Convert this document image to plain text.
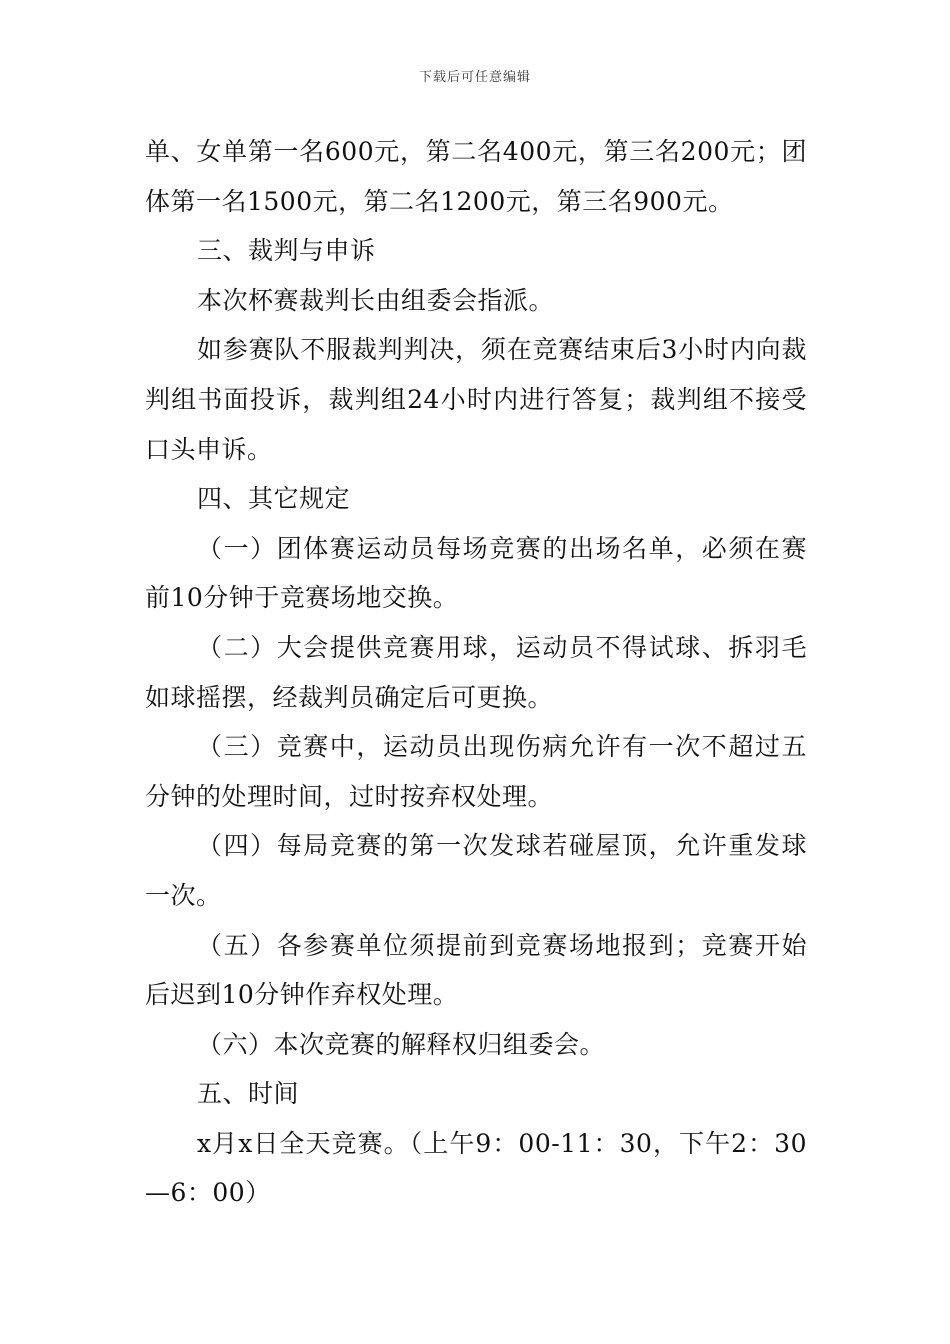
下载后可任意编辑

单、女单第一名600元，第二名400元，第三名200元；团体第一名1500元，第二名1200元，第三名900元。

三、裁判与申诉

本次杯赛裁判长由组委会指派。

如参赛队不服裁判判决，须在竞赛结束后3小时内向裁判组书面投诉，裁判组24小时内进行答复；裁判组不接受口头申诉。

四、其它规定

（一）团体赛运动员每场竞赛的出场名单，必须在赛前10分钟于竞赛场地交换。

（二）大会提供竞赛用球，运动员不得试球、拆羽毛如球摇摆，经裁判员确定后可更换。

（三）竞赛中，运动员出现伤病允许有一次不超过五分钟的处理时间，过时按弃权处理。

（四）每局竞赛的第一次发球若碰屋顶，允许重发球一次。

（五）各参赛单位须提前到竞赛场地报到；竞赛开始后迟到10分钟作弃权处理。

（六）本次竞赛的解释权归组委会。

五、时间

x月x日全天竞赛。（上午9：00-11：30，下午2：30—6：00）
